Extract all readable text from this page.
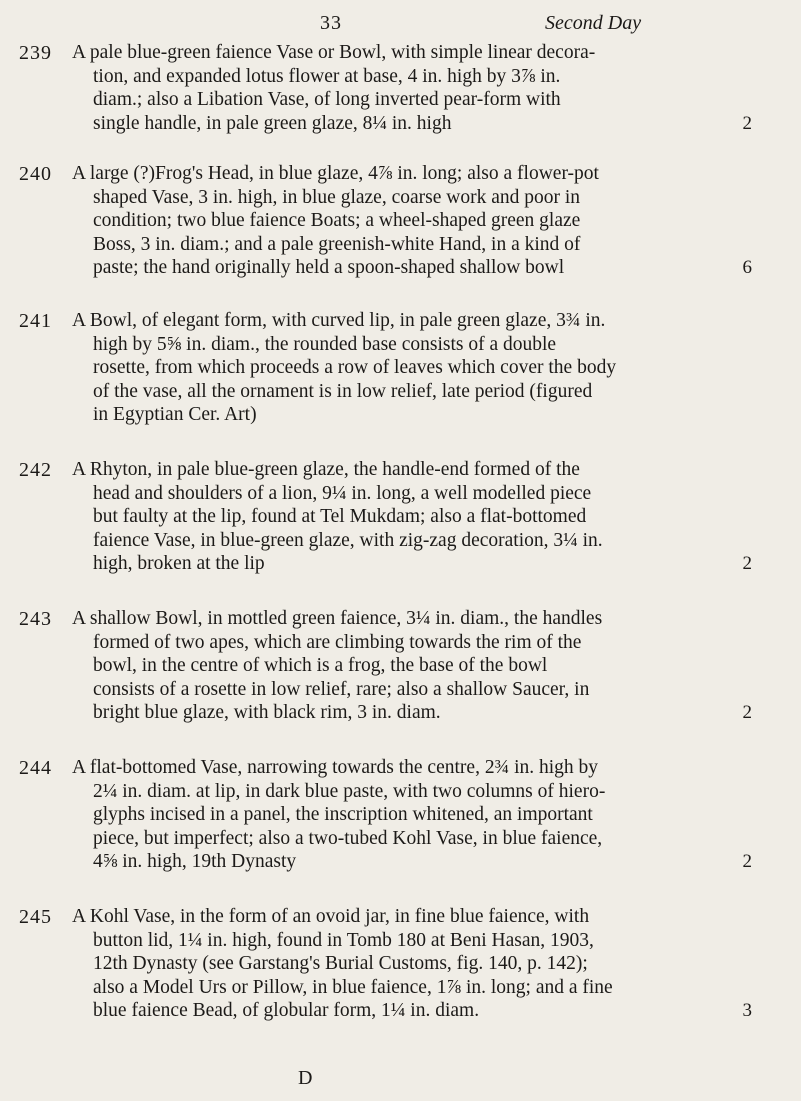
33	Second Day
239 A pale blue-green faience Vase or Bowl, with simple linear decora-
tion, and expanded lotus flower at base, 4 in. high by 3⅞ in.
diam.; also a Libation Vase, of long inverted pear-form with
single handle, in pale green glaze, 8¼ in. high	2
240 A large (?)Frog's Head, in blue glaze, 4⅞ in. long; also a flower-pot
shaped Vase, 3 in. high, in blue glaze, coarse work and poor in
condition; two blue faience Boats; a wheel-shaped green glaze
Boss, 3 in. diam.; and a pale greenish-white Hand, in a kind of
paste; the hand originally held a spoon-shaped shallow bowl	6
241 A Bowl, of elegant form, with curved lip, in pale green glaze, 3¾ in.
high by 5⅝ in. diam., the rounded base consists of a double
rosette, from which proceeds a row of leaves which cover the body
of the vase, all the ornament is in low relief, late period (figured
in Egyptian Cer. Art)
242 A Rhyton, in pale blue-green glaze, the handle-end formed of the
head and shoulders of a lion, 9¼ in. long, a well modelled piece
but faulty at the lip, found at Tel Mukdam; also a flat-bottomed
faience Vase, in blue-green glaze, with zig-zag decoration, 3¼ in.
high, broken at the lip	2
243 A shallow Bowl, in mottled green faience, 3¼ in. diam., the handles
formed of two apes, which are climbing towards the rim of the
bowl, in the centre of which is a frog, the base of the bowl
consists of a rosette in low relief, rare; also a shallow Saucer, in
bright blue glaze, with black rim, 3 in. diam.	2
244 A flat-bottomed Vase, narrowing towards the centre, 2¾ in. high by
2¼ in. diam. at lip, in dark blue paste, with two columns of hiero-
glyphs incised in a panel, the inscription whitened, an important
piece, but imperfect; also a two-tubed Kohl Vase, in blue faience,
4⅝ in. high, 19th Dynasty	2
245 A Kohl Vase, in the form of an ovoid jar, in fine blue faience, with
button lid, 1¼ in. high, found in Tomb 180 at Beni Hasan, 1903,
12th Dynasty (see Garstang's Burial Customs, fig. 140, p. 142);
also a Model Urs or Pillow, in blue faience, 1⅞ in. long; and a fine
blue faience Bead, of globular form, 1¼ in. diam.	3
D
